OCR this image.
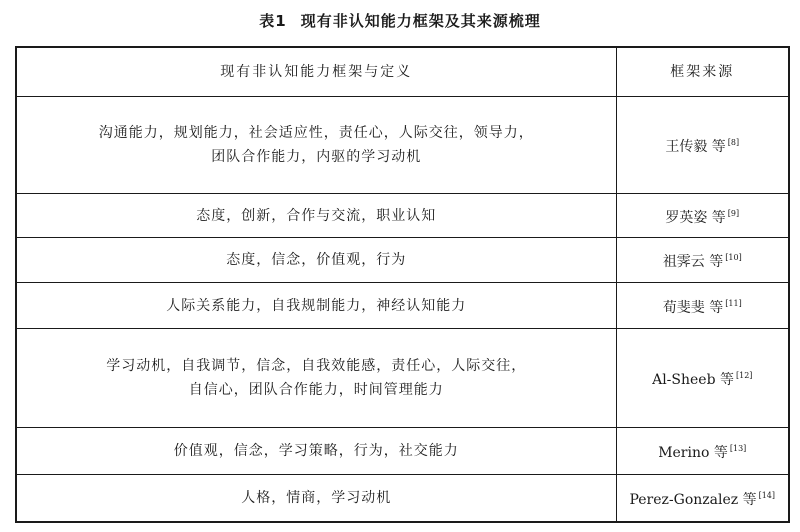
表1 现有非认知能力框架及其来源梳理
现有非认知能力框架与定义	框架来源

沟通能力，规划能力，社会适应性，责任心，人际交往，领导力，
团队合作能力，内驱的学习动机	王传毅 等 [8]

态度，创新，合作与交流，职业认知	罗英姿 等 [9]

态度，信念，价值观，行为	祖霁云 等 [10]

人际关系能力，自我规制能力，神经认知能力	荀斐斐 等 [11]

学习动机，自我调节，信念，自我效能感，责任心，人际交往，
自信心，团队合作能力，时间管理能力	Al-Sheeb 等 [12]

价值观，信念，学习策略，行为，社交能力	Merino 等 [13]

人格，情商，学习动机	Perez-Gonzalez 等 [14]
